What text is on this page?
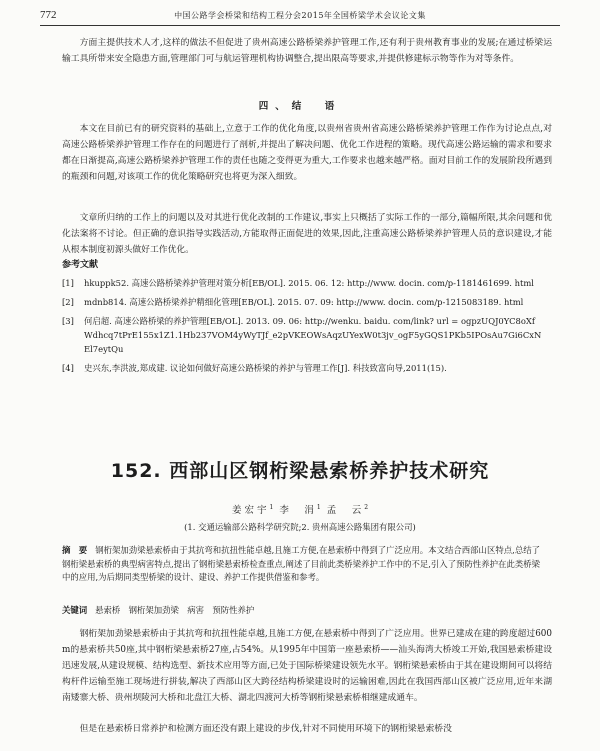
772	中国公路学会桥梁和结构工程分会2015年全国桥梁学术会议论文集
方面主提供技术人才,这样的做法不但促进了贵州高速公路桥梁养护管理工作,还有利于贵州教育事业的发展;在通过桥梁运输工具所带来安全隐患方面,管理部门可与航运管理机构协调整合,提出限高等要求,并提供修建标示物等作为对等条件。
四、结　语
本文在目前已有的研究资料的基础上,立意于工作的优化角度,以贵州省贵州省高速公路桥梁养护管理工作作为讨论点点,对高速公路桥梁养护管理工作存在的问题进行了剖析,并提出了解决问题、优化工作进程的策略。现代高速公路运输的需求和要求都在日渐提高,高速公路桥梁养护管理工作的责任也随之变得更为重大,工作要求也越来越严格。面对目前工作的发展阶段所遇到的瓶颈和问题,对该项工作的优化策略研究也将更为深入细致。
文章所归纳的工作上的问题以及对其进行优化改制的工作建议,事实上只概括了实际工作的一部分,篇幅所限,其余问题和优化法案将不讨论。但正确的意识指导实践活动,方能取得正面促进的效果,因此,注重高速公路桥梁养护管理人员的意识建设,才能从根本制度初源头做好工作优化。
参考文献
[1]	hkuppk52. 高速公路桥梁养护管理对策分析[EB/OL]. 2015. 06. 12: http://www. docin. com/p-1181461699. html
[2]	mdnb814. 高速公路桥梁养护精细化管理[EB/OL]. 2015. 07. 09: http://www. docin. com/p-1215083189. html
[3]	何启超. 高速公路桥梁的养护管理[EB/OL]. 2013. 09. 06: http://wenku. baidu. com/link? url = ogpzUQJ0YC8oXfWdhcq7tPrE155x1Z1.1Hb237VOM4yWyTJf_e2pVKEOWsAqzUYexW0t3jv_ogF5yGQS1PKb5IPOsAu7Gi6CxNEl7eytQu
[4]	史兴东,李洪波,郑成建. 议论如何做好高速公路桥梁的养护与管理工作[J]. 科技致富向导,2011(15).
152. 西部山区钢桁梁悬索桥养护技术研究
姜宏宇$^1$ 李　涓$^1$ 孟　云$^2$
(1. 交通运输部公路科学研究院;2. 贵州高速公路集团有限公司)
摘　要 钢桁架加劲梁悬索桥由于其抗弯和抗扭性能卓越,且施工方便,在悬索桥中得到了广泛应用。本文结合西部山区特点,总结了钢桁梁悬索桥的典型病害特点,提出了钢桁梁悬索桥检查重点,阐述了目前此类桥梁养护工作中的不足,引入了预防性养护在此类桥梁中的应用,为后期同类型桥梁的设计、建设、养护工作提供借鉴和参考。
关键词 悬索桥　钢桁架加劲梁　病害　预防性养护
钢桁架加劲梁悬索桥由于其抗弯和抗扭性能卓越,且施工方便,在悬索桥中得到了广泛应用。世界已建成在建的跨度超过600m的悬索桥共50座,其中钢桁梁悬索桥27座,占54%。从1995年中国第一座悬索桥——汕头海湾大桥竣工开始,我国悬索桥建设迅速发展,从建设规模、结构选型、新技术应用等方面,已处于国际桥梁建设领先水平。钢桁梁悬索桥由于其在建设期间可以将结构杆件运输至施工现场进行拼装,解决了西部山区大跨径结构桥梁建设时的运输困难,因此在我国西部山区被广泛应用,近年来湖南矮寨大桥、贵州坝陵河大桥和北盘江大桥、湖北四渡河大桥等钢桁梁悬索桥相继建成通车。
但是在悬索桥日常养护和检测方面还没有跟上建设的步伐,针对不同使用环境下的钢桁梁悬索桥没
